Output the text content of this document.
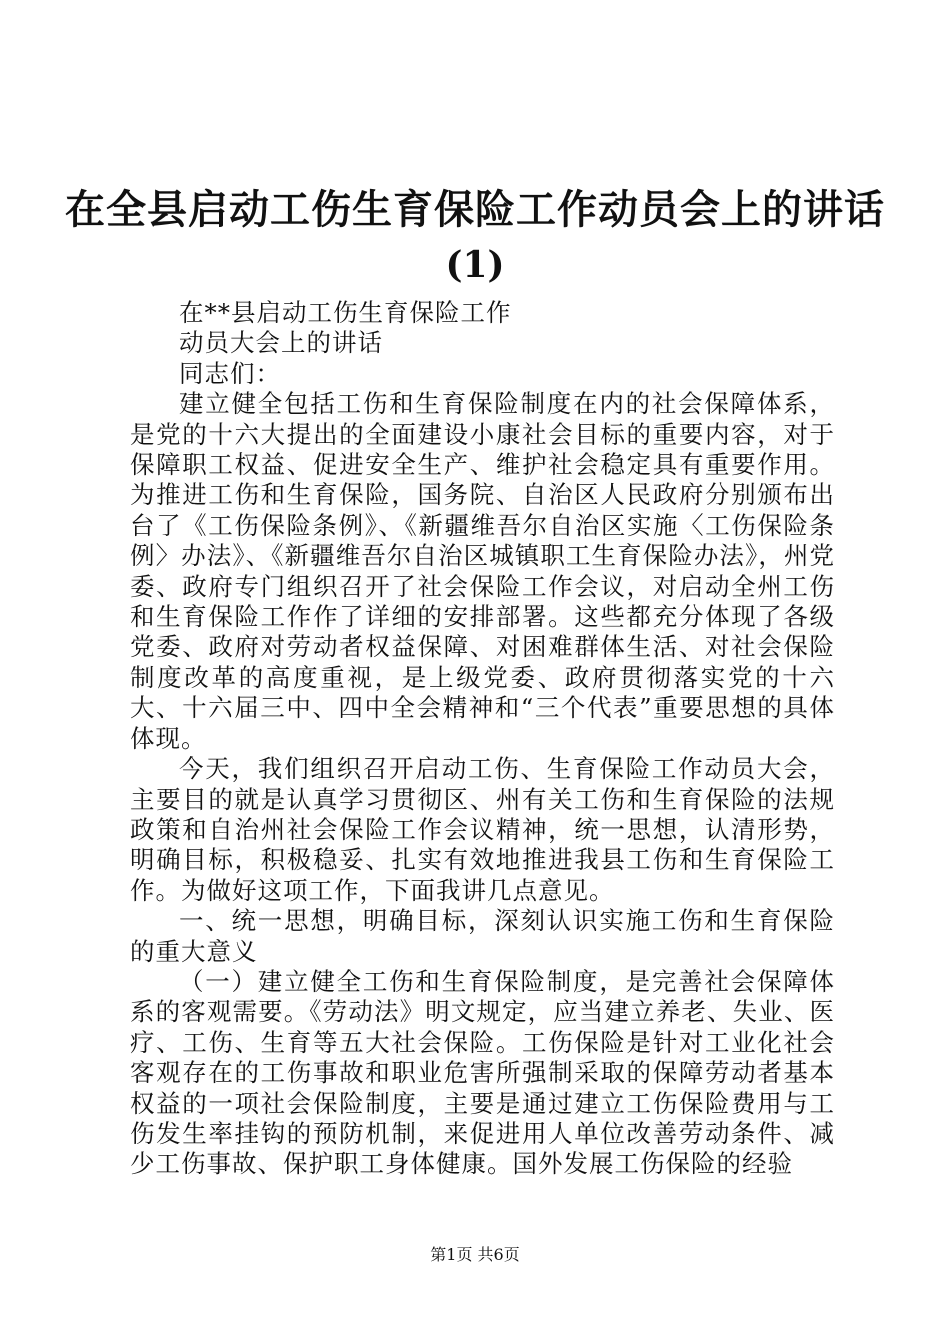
在全县启动工伤生育保险工作动员会上的讲话
(1)

在**县启动工伤生育保险工作

动员大会上的讲话

同志们：

建立健全包括工伤和生育保险制度在内的社会保障体系，是党的十六大提出的全面建设小康社会目标的重要内容，对于保障职工权益、促进安全生产、维护社会稳定具有重要作用。为推进工伤和生育保险，国务院、自治区人民政府分别颁布出台了《工伤保险条例》、《新疆维吾尔自治区实施〈工伤保险条例〉办法》、《新疆维吾尔自治区城镇职工生育保险办法》，州党委、政府专门组织召开了社会保险工作会议，对启动全州工伤和生育保险工作作了详细的安排部署。这些都充分体现了各级党委、政府对劳动者权益保障、对困难群体生活、对社会保险制度改革的高度重视，是上级党委、政府贯彻落实党的十六大、十六届三中、四中全会精神和“三个代表”重要思想的具体体现。

今天，我们组织召开启动工伤、生育保险工作动员大会，主要目的就是认真学习贯彻区、州有关工伤和生育保险的法规政策和自治州社会保险工作会议精神，统一思想，认清形势，明确目标，积极稳妥、扎实有效地推进我县工伤和生育保险工作。为做好这项工作，下面我讲几点意见。

一、统一思想，明确目标，深刻认识实施工伤和生育保险的重大意义

（一）建立健全工伤和生育保险制度，是完善社会保障体系的客观需要。《劳动法》明文规定，应当建立养老、失业、医疗、工伤、生育等五大社会保险。工伤保险是针对工业化社会客观存在的工伤事故和职业危害所强制采取的保障劳动者基本权益的一项社会保险制度，主要是通过建立工伤保险费用与工伤发生率挂钩的预防机制，来促进用人单位改善劳动条件、减少工伤事故、保护职工身体健康。国外发展工伤保险的经验

第1页 共6页
